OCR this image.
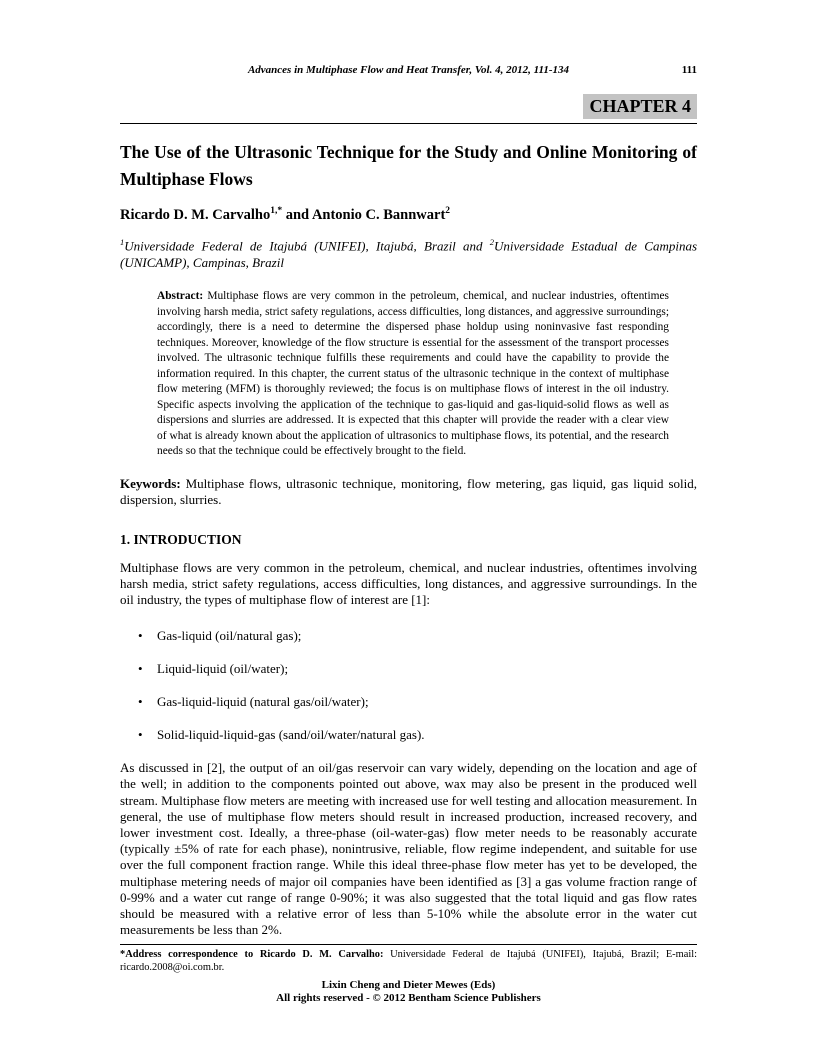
Advances in Multiphase Flow and Heat Transfer, Vol. 4, 2012, 111-134	111
CHAPTER 4
The Use of the Ultrasonic Technique for the Study and Online Monitoring of Multiphase Flows
Ricardo D. M. Carvalho$^{1,*}$ and Antonio C. Bannwart$^2$
$^1$Universidade Federal de Itajubá (UNIFEI), Itajubá, Brazil and $^2$Universidade Estadual de Campinas (UNICAMP), Campinas, Brazil
Abstract: Multiphase flows are very common in the petroleum, chemical, and nuclear industries, oftentimes involving harsh media, strict safety regulations, access difficulties, long distances, and aggressive surroundings; accordingly, there is a need to determine the dispersed phase holdup using noninvasive fast responding techniques. Moreover, knowledge of the flow structure is essential for the assessment of the transport processes involved. The ultrasonic technique fulfills these requirements and could have the capability to provide the information required. In this chapter, the current status of the ultrasonic technique in the context of multiphase flow metering (MFM) is thoroughly reviewed; the focus is on multiphase flows of interest in the oil industry. Specific aspects involving the application of the technique to gas-liquid and gas-liquid-solid flows as well as dispersions and slurries are addressed. It is expected that this chapter will provide the reader with a clear view of what is already known about the application of ultrasonics to multiphase flows, its potential, and the research needs so that the technique could be effectively brought to the field.
Keywords: Multiphase flows, ultrasonic technique, monitoring, flow metering, gas liquid, gas liquid solid, dispersion, slurries.
1. INTRODUCTION

Multiphase flows are very common in the petroleum, chemical, and nuclear industries, oftentimes involving harsh media, strict safety regulations, access difficulties, long distances, and aggressive surroundings. In the oil industry, the types of multiphase flow of interest are [1]:

• Gas-liquid (oil/natural gas);
• Liquid-liquid (oil/water);
• Gas-liquid-liquid (natural gas/oil/water);
• Solid-liquid-liquid-gas (sand/oil/water/natural gas).

As discussed in [2], the output of an oil/gas reservoir can vary widely, depending on the location and age of the well; in addition to the components pointed out above, wax may also be present in the produced well stream. Multiphase flow meters are meeting with increased use for well testing and allocation measurement. In general, the use of multiphase flow meters should result in increased production, increased recovery, and lower investment cost. Ideally, a three-phase (oil-water-gas) flow meter needs to be reasonably accurate (typically ±5% of rate for each phase), nonintrusive, reliable, flow regime independent, and suitable for use over the full component fraction range. While this ideal three-phase flow meter has yet to be developed, the multiphase metering needs of major oil companies have been identified as [3] a gas volume fraction range of 0-99% and a water cut range of range 0-90%; it was also suggested that the total liquid and gas flow rates should be measured with a relative error of less than 5-10% while the absolute error in the water cut measurements be less than 2%.

*Address correspondence to Ricardo D. M. Carvalho: Universidade Federal de Itajubá (UNIFEI), Itajubá, Brazil; E-mail: ricardo.2008@oi.com.br.
Lixin Cheng and Dieter Mewes (Eds)
All rights reserved - © 2012 Bentham Science Publishers
